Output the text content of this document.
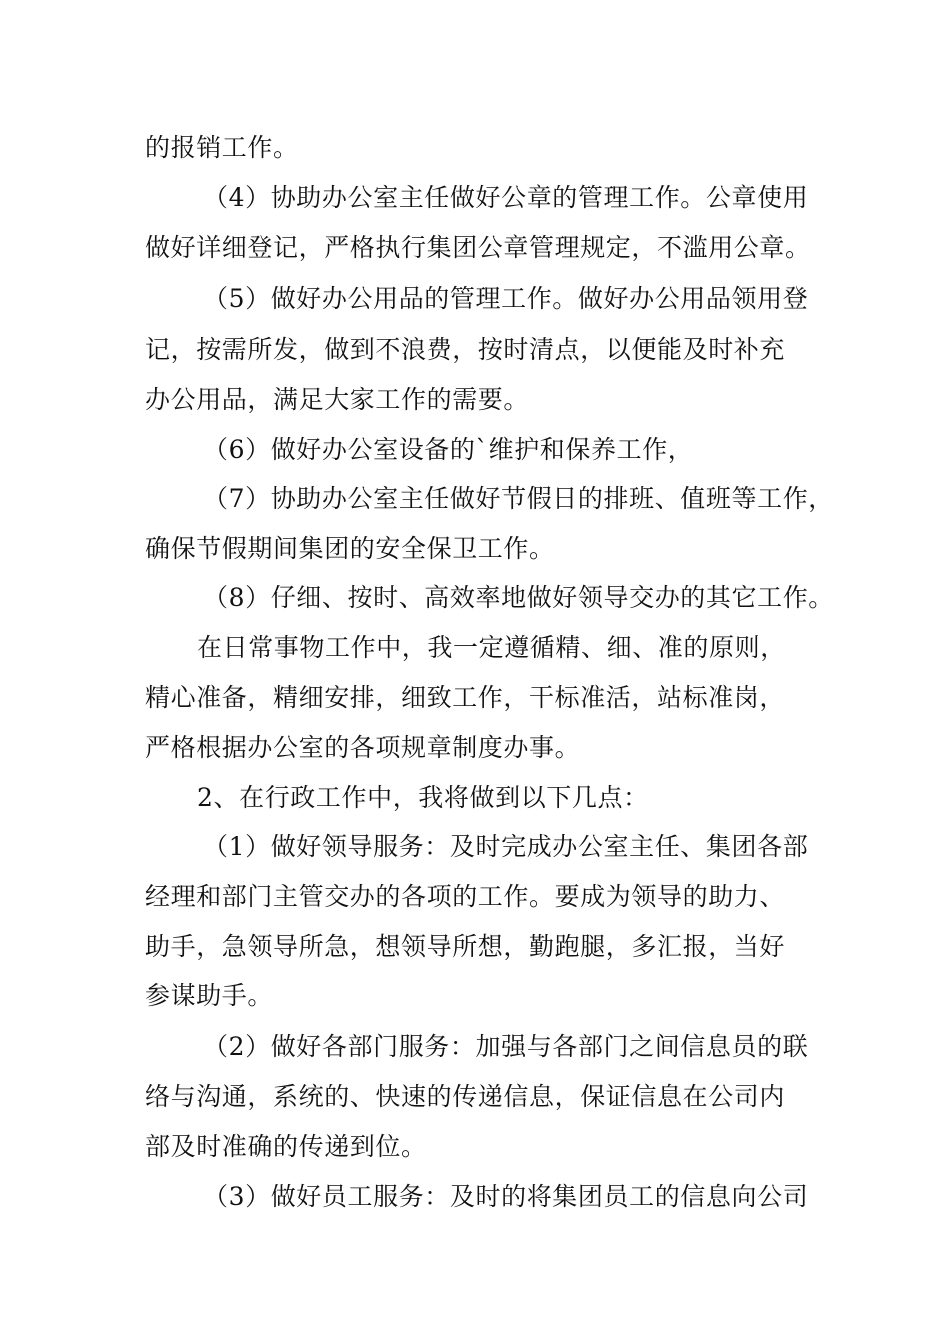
的报销工作。
（4）协助办公室主任做好公章的管理工作。公章使用
做好详细登记，严格执行集团公章管理规定，不滥用公章。
（5）做好办公用品的管理工作。做好办公用品领用登
记，按需所发，做到不浪费，按时清点，以便能及时补充
办公用品，满足大家工作的需要。
（6）做好办公室设备的`维护和保养工作，
（7）协助办公室主任做好节假日的排班、值班等工作，
确保节假期间集团的安全保卫工作。
（8）仔细、按时、高效率地做好领导交办的其它工作。
在日常事物工作中，我一定遵循精、细、准的原则，
精心准备，精细安排，细致工作，干标准活，站标准岗，
严格根据办公室的各项规章制度办事。
2、在行政工作中，我将做到以下几点：
（1）做好领导服务：及时完成办公室主任、集团各部
经理和部门主管交办的各项的工作。要成为领导的助力、
助手，急领导所急，想领导所想，勤跑腿，多汇报，当好
参谋助手。
（2）做好各部门服务：加强与各部门之间信息员的联
络与沟通，系统的、快速的传递信息，保证信息在公司内
部及时准确的传递到位。
（3）做好员工服务：及时的将集团员工的信息向公司
